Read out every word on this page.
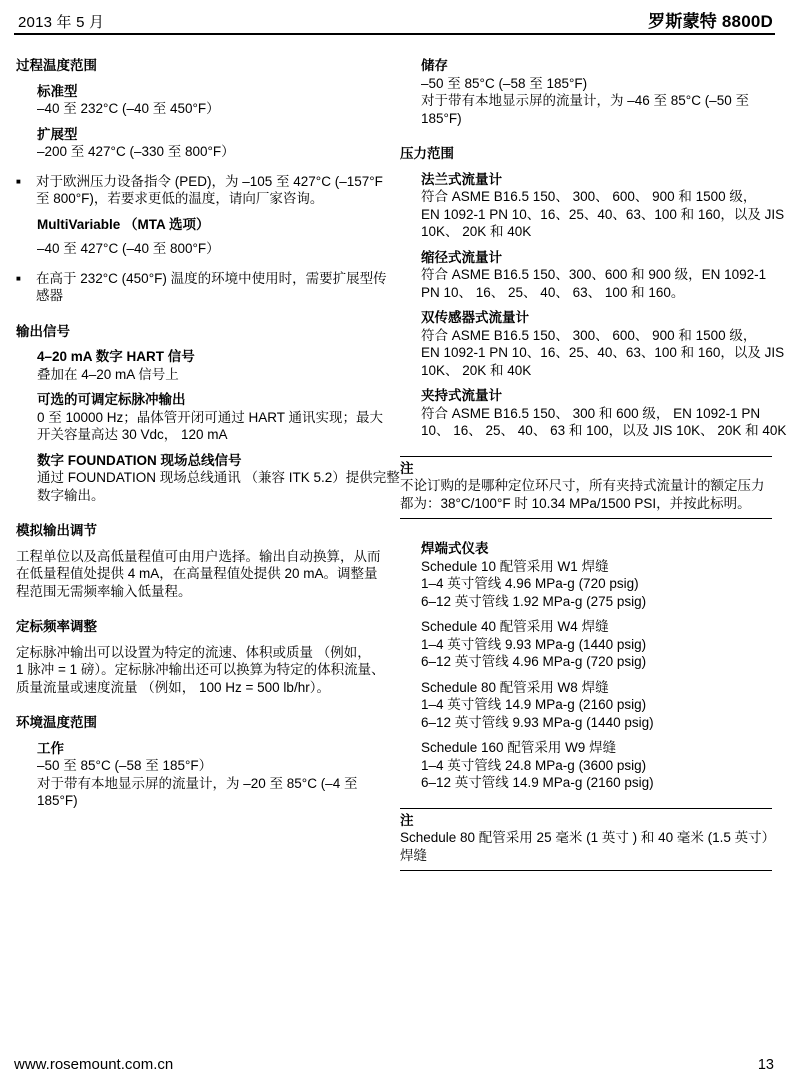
2013 年 5 月	罗斯蒙特 8800D
过程温度范围
标准型
–40 至 232°C (–40 至 450°F）
扩展型
–200 至 427°C (–330 至 800°F）
■	对于欧洲压力设备指令 (PED)，为 –105 至 427°C (–157°F
至 800°F)，若要求更低的温度，请向厂家咨询。
MultiVariable （MTA 选项）
–40 至 427°C (–40 至 800°F）
■	在高于 232°C (450°F) 温度的环境中使用时，需要扩展型传
感器
输出信号
4–20 mA 数字 HART 信号
叠加在 4–20 mA 信号上
可选的可调定标脉冲输出
0 至 10000 Hz；晶体管开闭可通过 HART 通讯实现；最大
开关容量高达 30 Vdc， 120 mA
数字 FOUNDATION 现场总线信号
通过 FOUNDATION 现场总线通讯 （兼容 ITK 5.2）提供完整
数字输出。
模拟输出调节
工程单位以及高低量程值可由用户选择。输出自动换算，从而
在低量程值处提供 4 mA，在高量程值处提供 20 mA。调整量
程范围无需频率输入低量程。
定标频率调整
定标脉冲输出可以设置为特定的流速、体积或质量 （例如，
1 脉冲 = 1 磅）。定标脉冲输出还可以换算为特定的体积流量、
质量流量或速度流量 （例如， 100 Hz = 500 lb/hr）。
环境温度范围
工作
–50 至 85°C (–58 至 185°F）
对于带有本地显示屏的流量计，为 –20 至 85°C (–4 至
185°F)
储存
–50 至 85°C (–58 至 185°F)
对于带有本地显示屏的流量计，为 –46 至 85°C (–50 至
185°F)
压力范围
法兰式流量计
符合 ASME B16.5 150、 300、 600、 900 和 1500 级，
EN 1092-1 PN 10、16、25、40、63、100 和 160，以及 JIS
10K、 20K 和 40K
缩径式流量计
符合 ASME B16.5 150、300、600 和 900 级，EN 1092-1
PN 10、 16、 25、 40、 63、 100 和 160。
双传感器式流量计
符合 ASME B16.5 150、 300、 600、 900 和 1500 级，
EN 1092-1 PN 10、16、25、40、63、100 和 160，以及 JIS
10K、 20K 和 40K
夹持式流量计
符合 ASME B16.5 150、 300 和 600 级， EN 1092-1 PN
10、 16、 25、 40、 63 和 100，以及 JIS 10K、 20K 和 40K
注
不论订购的是哪种定位环尺寸，所有夹持式流量计的额定压力
都为：38°C/100°F 时 10.34 MPa/1500 PSI，并按此标明。
焊端式仪表
Schedule 10 配管采用 W1 焊缝
1–4 英寸管线 4.96 MPa-g (720 psig)
6–12 英寸管线 1.92 MPa-g (275 psig)
Schedule 40 配管采用 W4 焊缝
1–4 英寸管线 9.93 MPa-g (1440 psig)
6–12 英寸管线 4.96 MPa-g (720 psig)
Schedule 80 配管采用 W8 焊缝
1–4 英寸管线 14.9 MPa-g (2160 psig)
6–12 英寸管线 9.93 MPa-g (1440 psig)
Schedule 160 配管采用 W9 焊缝
1–4 英寸管线 24.8 MPa-g (3600 psig)
6–12 英寸管线 14.9 MPa-g (2160 psig)
注
Schedule 80 配管采用 25 毫米 (1 英寸 ) 和 40 毫米 (1.5 英寸）
焊缝
www.rosemount.com.cn	13
